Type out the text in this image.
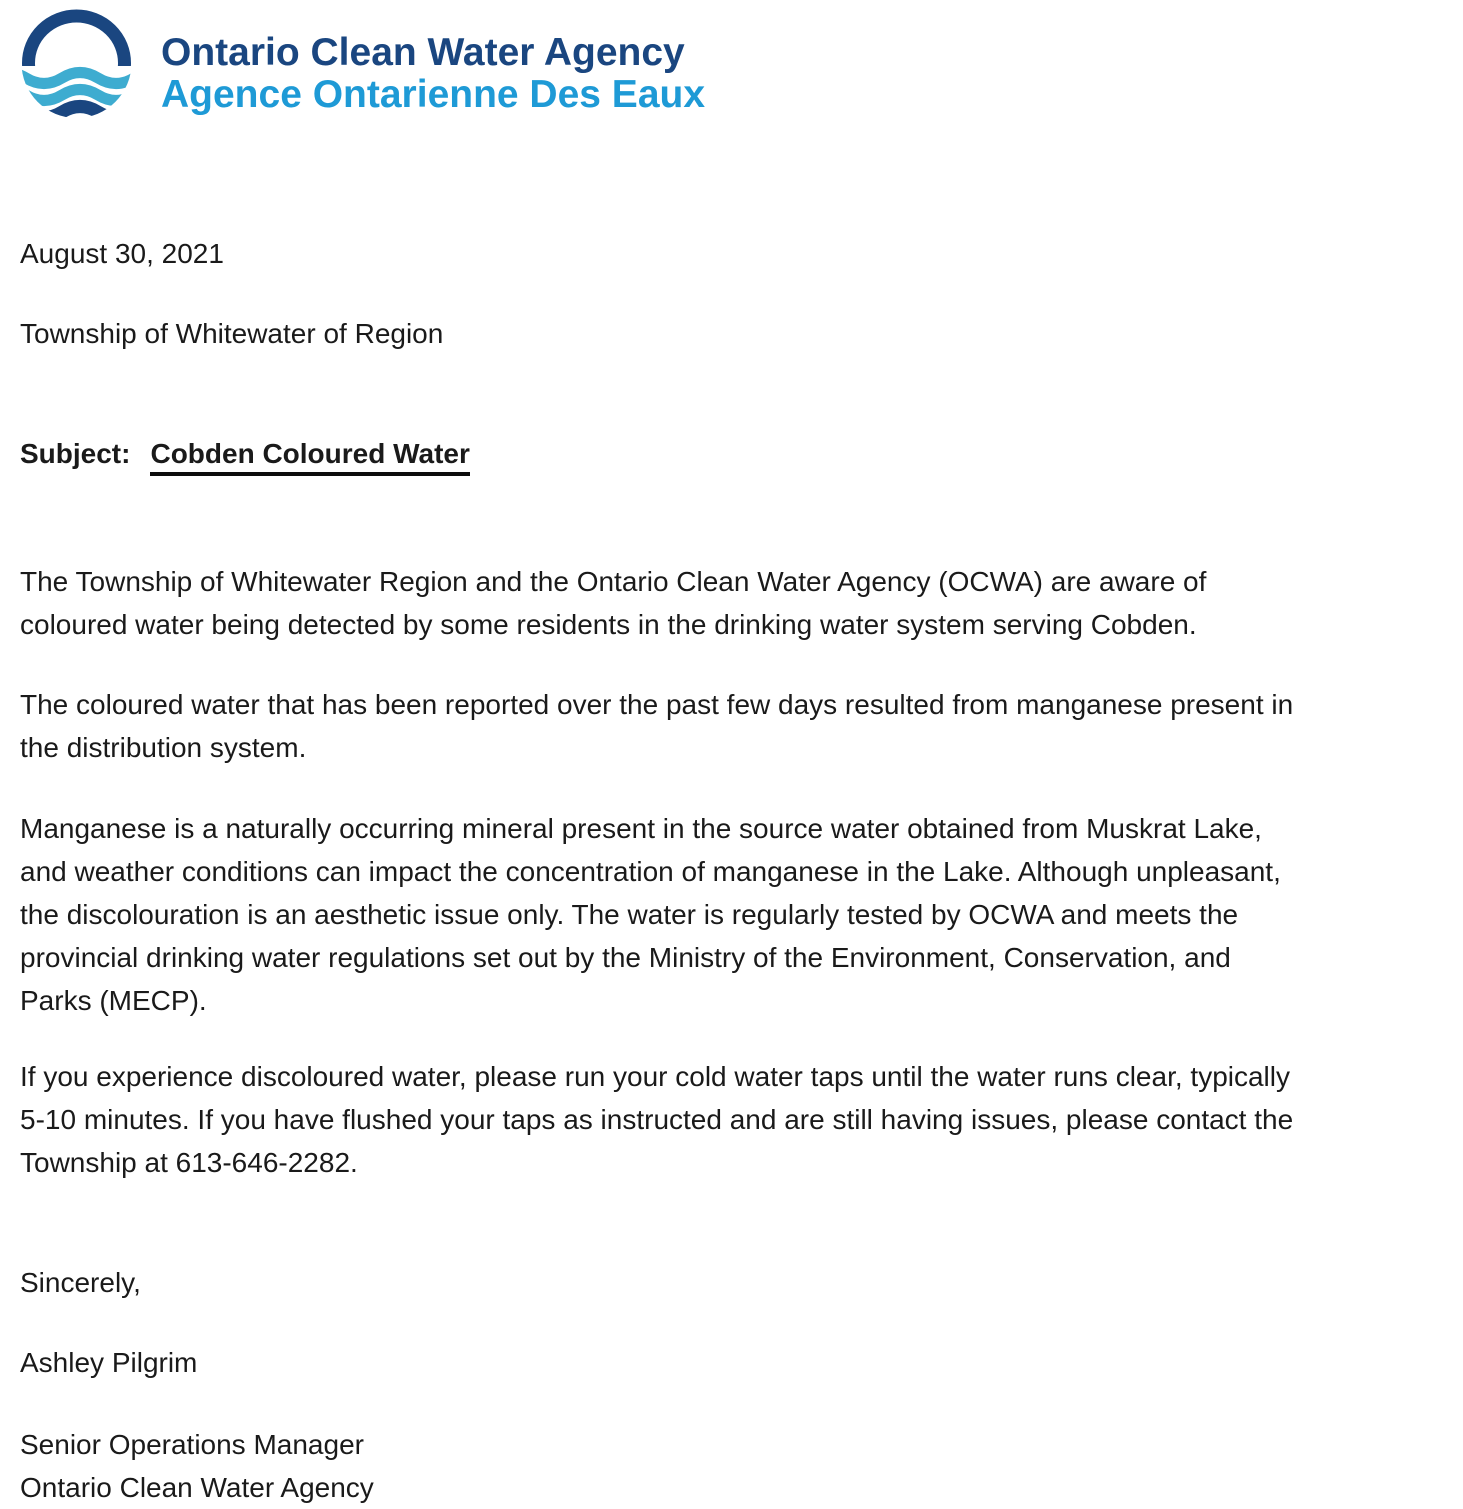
Ontario Clean Water Agency
Agence Ontarienne Des Eaux

August 30, 2021

Township of Whitewater of Region

Subject: Cobden Coloured Water

The Township of Whitewater Region and the Ontario Clean Water Agency (OCWA) are aware of
coloured water being detected by some residents in the drinking water system serving Cobden.
The coloured water that has been reported over the past few days resulted from manganese present in
the distribution system.
Manganese is a naturally occurring mineral present in the source water obtained from Muskrat Lake,
and weather conditions can impact the concentration of manganese in the Lake. Although unpleasant,
the discolouration is an aesthetic issue only. The water is regularly tested by OCWA and meets the
provincial drinking water regulations set out by the Ministry of the Environment, Conservation, and
Parks (MECP).
If you experience discoloured water, please run your cold water taps until the water runs clear, typically
5-10 minutes. If you have flushed your taps as instructed and are still having issues, please contact the
Township at 613-646-2282.

Sincerely,

Ashley Pilgrim

Senior Operations Manager

Ontario Clean Water Agency
